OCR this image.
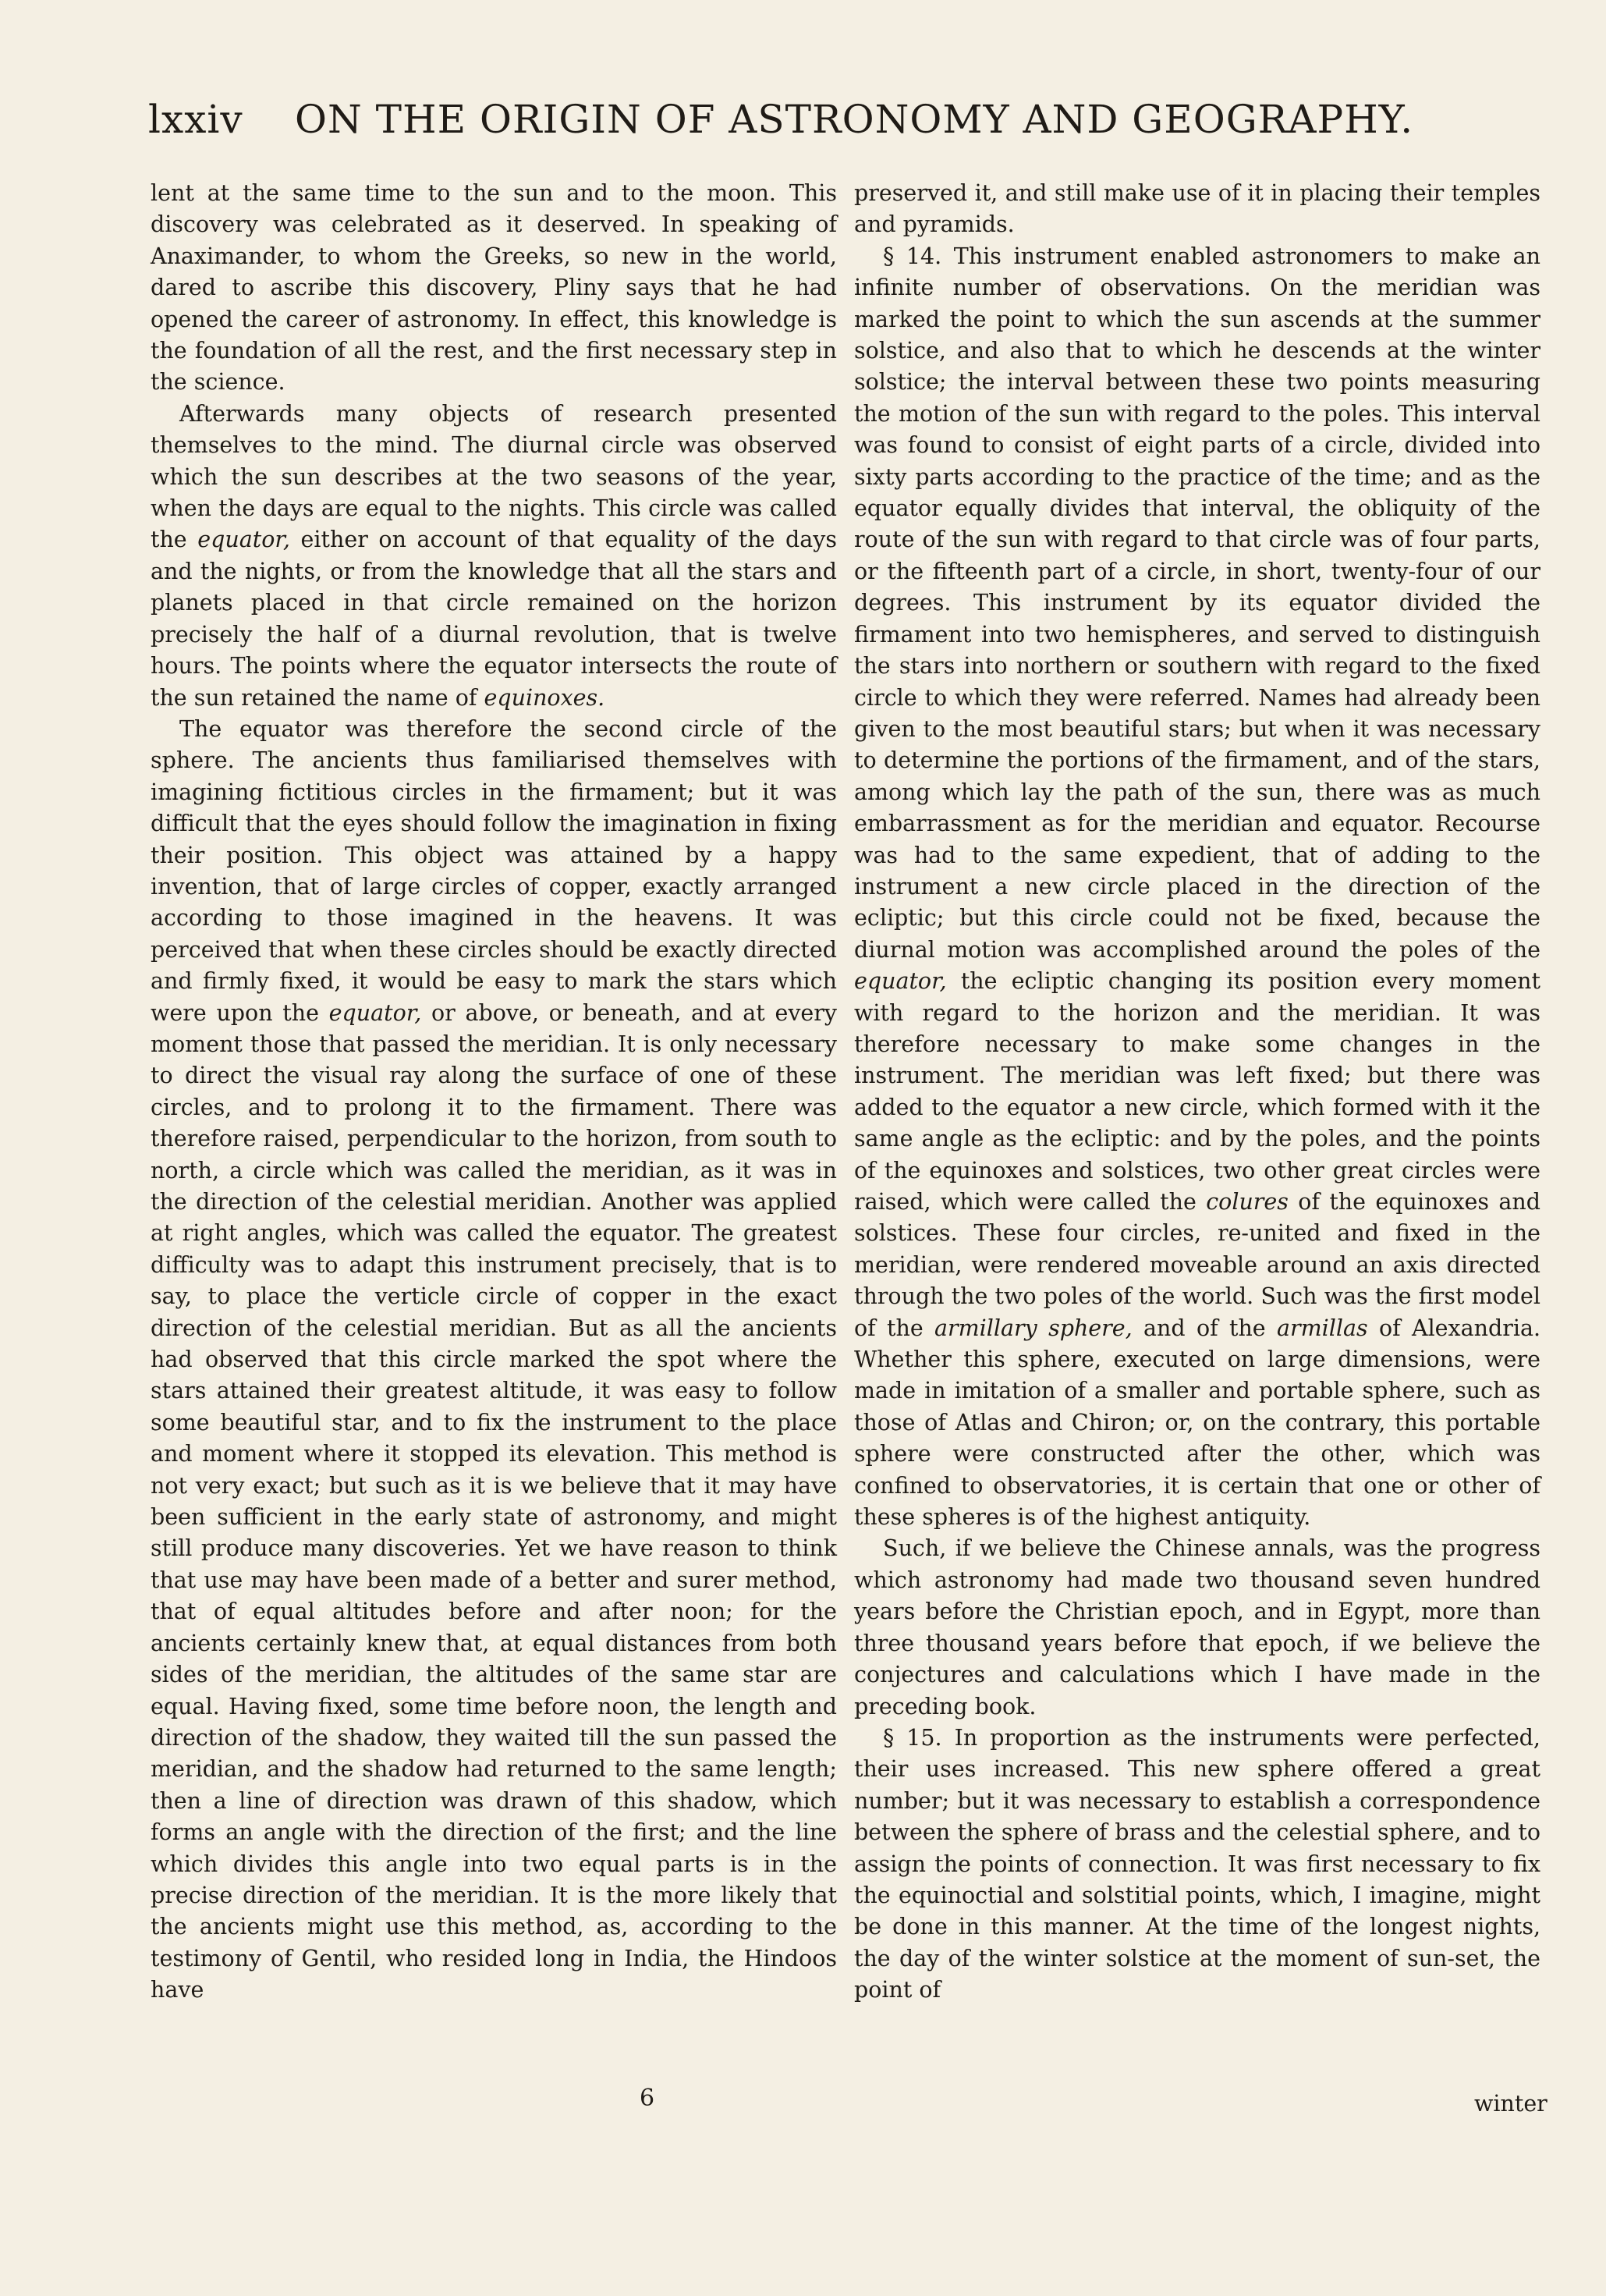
lxxiv ON THE ORIGIN OF ASTRONOMY AND GEOGRAPHY.

lent at the same time to the sun and to the moon. This discovery was celebrated as it deserved. In speaking of Anaximander, to whom the Greeks, so new in the world, dared to ascribe this discovery, Pliny says that he had opened the career of astronomy. In effect, this knowledge is the foundation of all the rest, and the first necessary step in the science.

Afterwards many objects of research presented themselves to the mind. The diurnal circle was observed which the sun describes at the two seasons of the year, when the days are equal to the nights. This circle was called the equator, either on account of that equality of the days and the nights, or from the knowledge that all the stars and planets placed in that circle remained on the horizon precisely the half of a diurnal revolution, that is twelve hours. The points where the equator intersects the route of the sun retained the name of equinoxes.

The equator was therefore the second circle of the sphere. The ancients thus familiarised themselves with imagining fictitious circles in the firmament; but it was difficult that the eyes should follow the imagination in fixing their position. This object was attained by a happy invention, that of large circles of copper, exactly arranged according to those imagined in the heavens. It was perceived that when these circles should be exactly directed and firmly fixed, it would be easy to mark the stars which were upon the equator, or above, or beneath, and at every moment those that passed the meridian. It is only necessary to direct the visual ray along the surface of one of these circles, and to prolong it to the firmament. There was therefore raised, perpendicular to the horizon, from south to north, a circle which was called the meridian, as it was in the direction of the celestial meridian. Another was applied at right angles, which was called the equator. The greatest difficulty was to adapt this instrument precisely, that is to say, to place the verticle circle of copper in the exact direction of the celestial meridian. But as all the ancients had observed that this circle marked the spot where the stars attained their greatest altitude, it was easy to follow some beautiful star, and to fix the instrument to the place and moment where it stopped its elevation. This method is not very exact; but such as it is we believe that it may have been sufficient in the early state of astronomy, and might still produce many discoveries. Yet we have reason to think that use may have been made of a better and surer method, that of equal altitudes before and after noon; for the ancients certainly knew that, at equal distances from both sides of the meridian, the altitudes of the same star are equal. Having fixed, some time before noon, the length and direction of the shadow, they waited till the sun passed the meridian, and the shadow had returned to the same length; then a line of direction was drawn of this shadow, which forms an angle with the direction of the first; and the line which divides this angle into two equal parts is in the precise direction of the meridian. It is the more likely that the ancients might use this method, as, according to the testimony of Gentil, who resided long in India, the Hindoos have

preserved it, and still make use of it in placing their temples and pyramids.

§ 14. This instrument enabled astronomers to make an infinite number of observations. On the meridian was marked the point to which the sun ascends at the summer solstice, and also that to which he descends at the winter solstice; the interval between these two points measuring the motion of the sun with regard to the poles. This interval was found to consist of eight parts of a circle, divided into sixty parts according to the practice of the time; and as the equator equally divides that interval, the obliquity of the route of the sun with regard to that circle was of four parts, or the fifteenth part of a circle, in short, twenty-four of our degrees. This instrument by its equator divided the firmament into two hemispheres, and served to distinguish the stars into northern or southern with regard to the fixed circle to which they were referred. Names had already been given to the most beautiful stars; but when it was necessary to determine the portions of the firmament, and of the stars, among which lay the path of the sun, there was as much embarrassment as for the meridian and equator. Recourse was had to the same expedient, that of adding to the instrument a new circle placed in the direction of the ecliptic; but this circle could not be fixed, because the diurnal motion was accomplished around the poles of the equator, the ecliptic changing its position every moment with regard to the horizon and the meridian. It was therefore necessary to make some changes in the instrument. The meridian was left fixed; but there was added to the equator a new circle, which formed with it the same angle as the ecliptic: and by the poles, and the points of the equinoxes and solstices, two other great circles were raised, which were called the colures of the equinoxes and solstices. These four circles, re-united and fixed in the meridian, were rendered moveable around an axis directed through the two poles of the world. Such was the first model of the armillary sphere, and of the armillas of Alexandria. Whether this sphere, executed on large dimensions, were made in imitation of a smaller and portable sphere, such as those of Atlas and Chiron; or, on the contrary, this portable sphere were constructed after the other, which was confined to observatories, it is certain that one or other of these spheres is of the highest antiquity.

Such, if we believe the Chinese annals, was the progress which astronomy had made two thousand seven hundred years before the Christian epoch, and in Egypt, more than three thousand years before that epoch, if we believe the conjectures and calculations which I have made in the preceding book.

§ 15. In proportion as the instruments were perfected, their uses increased. This new sphere offered a great number; but it was necessary to establish a correspondence between the sphere of brass and the celestial sphere, and to assign the points of connection. It was first necessary to fix the equinoctial and solstitial points, which, I imagine, might be done in this manner. At the time of the longest nights, the day of the winter solstice at the moment of sun-set, the point of

6	winter
